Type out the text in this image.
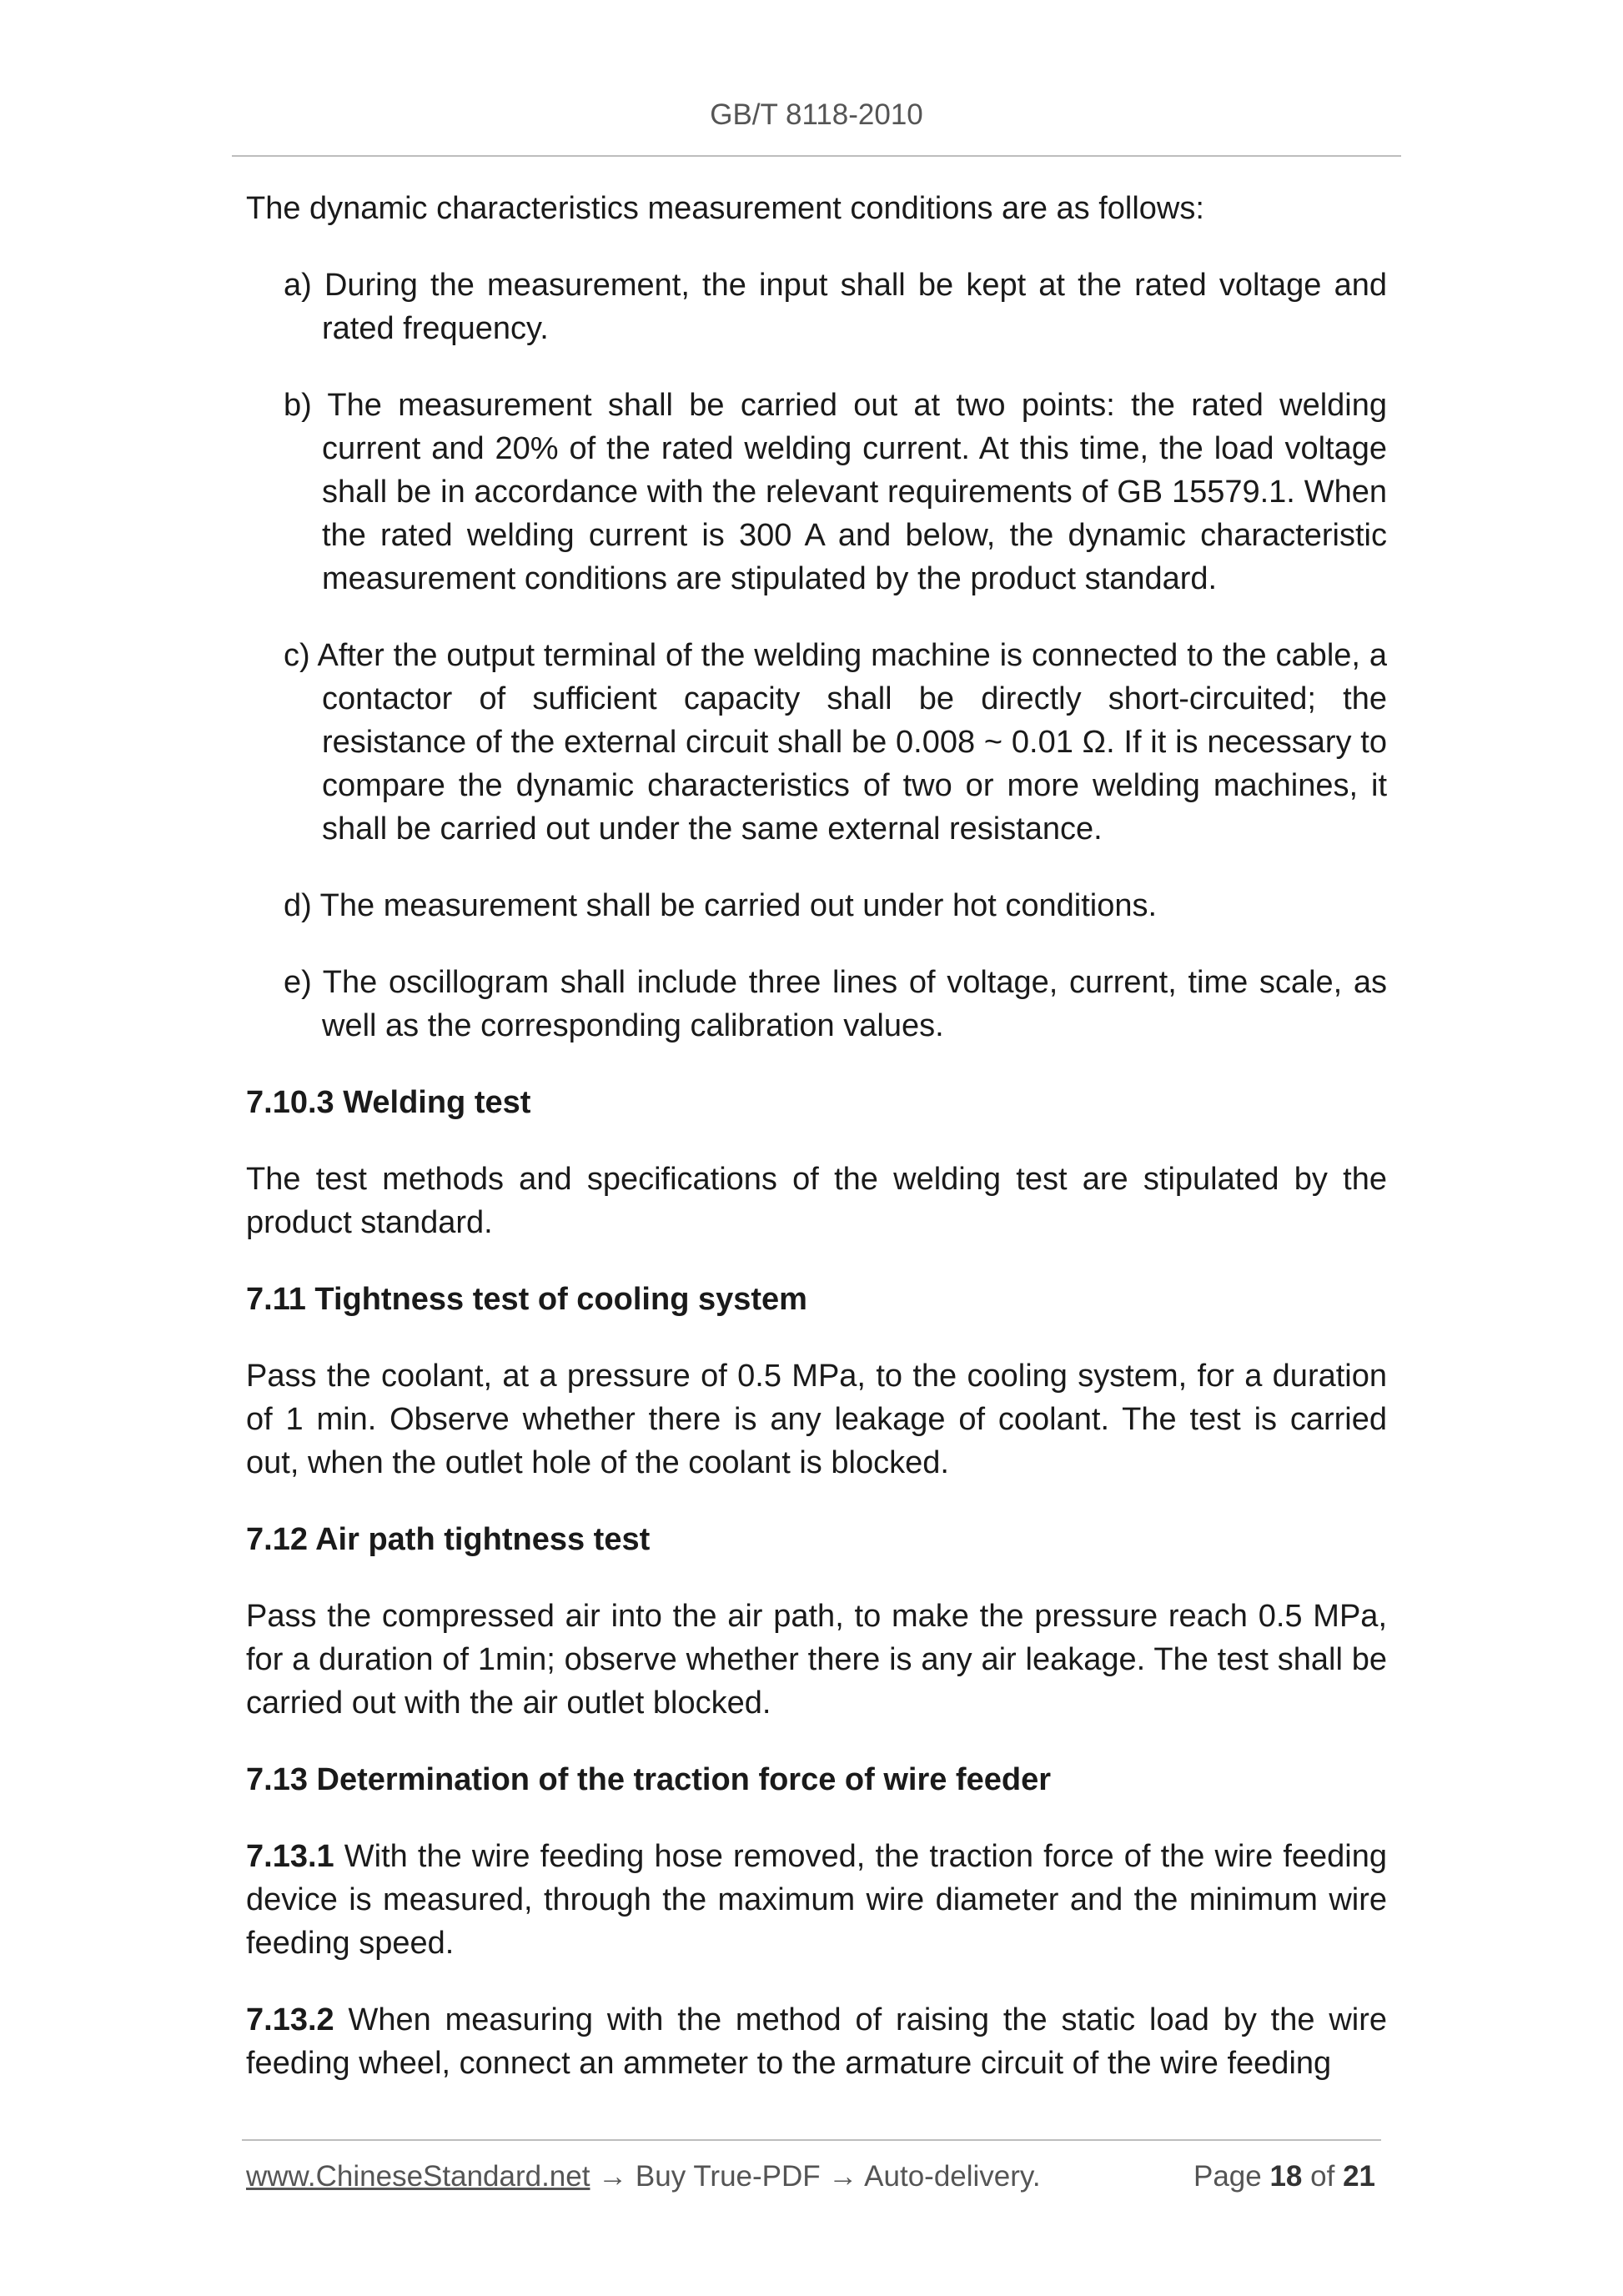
GB/T 8118-2010

The dynamic characteristics measurement conditions are as follows:

a) During the measurement, the input shall be kept at the rated voltage and rated frequency.
b) The measurement shall be carried out at two points: the rated welding current and 20% of the rated welding current. At this time, the load voltage shall be in accordance with the relevant requirements of GB 15579.1. When the rated welding current is 300 A and below, the dynamic characteristic measurement conditions are stipulated by the product standard.
c) After the output terminal of the welding machine is connected to the cable, a contactor of sufficient capacity shall be directly short-circuited; the resistance of the external circuit shall be 0.008 ~ 0.01 Ω. If it is necessary to compare the dynamic characteristics of two or more welding machines, it shall be carried out under the same external resistance.
d) The measurement shall be carried out under hot conditions.
e) The oscillogram shall include three lines of voltage, current, time scale, as well as the corresponding calibration values.
7.10.3 Welding test

The test methods and specifications of the welding test are stipulated by the product standard.

7.11 Tightness test of cooling system

Pass the coolant, at a pressure of 0.5 MPa, to the cooling system, for a duration of 1 min. Observe whether there is any leakage of coolant. The test is carried out, when the outlet hole of the coolant is blocked.

7.12 Air path tightness test

Pass the compressed air into the air path, to make the pressure reach 0.5 MPa, for a duration of 1min; observe whether there is any air leakage. The test shall be carried out with the air outlet blocked.

7.13 Determination of the traction force of wire feeder

7.13.1 With the wire feeding hose removed, the traction force of the wire feeding device is measured, through the maximum wire diameter and the minimum wire feeding speed.

7.13.2 When measuring with the method of raising the static load by the wire feeding wheel, connect an ammeter to the armature circuit of the wire feeding

www.ChineseStandard.net → Buy True-PDF → Auto-delivery.	Page 18 of 21
